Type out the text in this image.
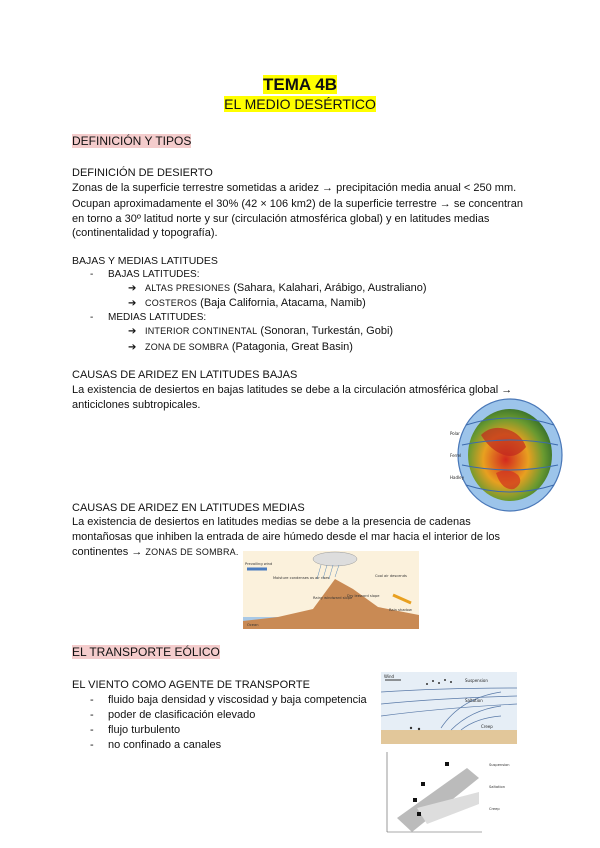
TEMA 4B
EL MEDIO DESÉRTICO
DEFINICIÓN Y TIPOS
DEFINICIÓN DE DESIERTO
Zonas de la superficie terrestre sometidas a aridez → precipitación media anual < 250 mm.
Ocupan aproximadamente el 30% (42 × 106 km2) de la superficie terrestre → se concentran
en torno a 30º latitud norte y sur (circulación atmosférica global) y en latitudes medias
(continentalidad y topografía).
BAJAS Y MEDIAS LATITUDES
- BAJAS LATITUDES:
➔ ALTAS PRESIONES (Sahara, Kalahari, Arábigo, Australiano)
➔ COSTEROS (Baja California, Atacama, Namib)
- MEDIAS LATITUDES:
➔ INTERIOR CONTINENTAL (Sonoran, Turkestán, Gobi)
➔ ZONA DE SOMBRA (Patagonia, Great Basin)
CAUSAS DE ARIDEZ EN LATITUDES BAJAS
La existencia de desiertos en bajas latitudes se debe a la circulación atmosférica global →
anticiclones subtropicales.
Polar
Ferrel
Hadley
CAUSAS DE ARIDEZ EN LATITUDES MEDIAS
La existencia de desiertos en latitudes medias se debe a la presencia de cadenas
montañosas que inhiben la entrada de aire húmedo desde el mar hacia el interior de los
continentes → ZONAS DE SOMBRA.
Prevailing wind
Moisture condenses as air rises	Cool air descends
Rainy windward slope
Dry leeward slope
Rain shadow
Ocean
EL TRANSPORTE EÓLICO
EL VIENTO COMO AGENTE DE TRANSPORTE
- fluido baja densidad y viscosidad y baja competencia
- poder de clasificación elevado
- flujo turbulento
- no confinado a canales
Wind
Suspension
Saltation
Creep
Suspension
Saltation
Creep
